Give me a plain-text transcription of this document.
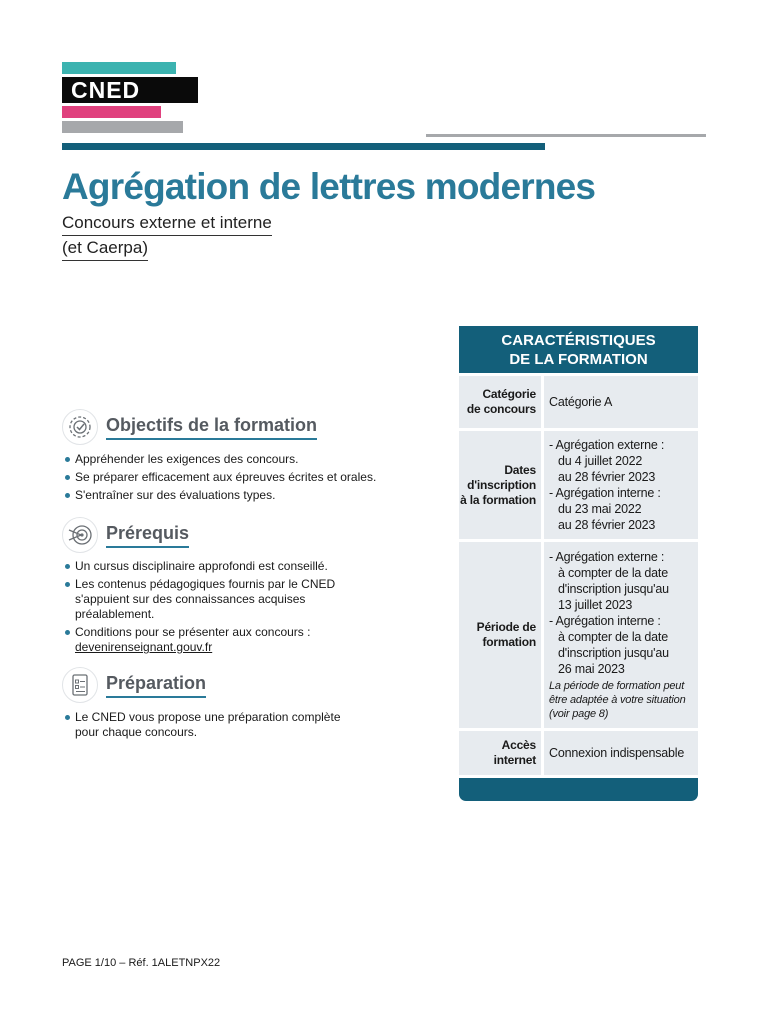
CNED
Agrégation de lettres modernes
Concours externe et interne
(et Caerpa)
Objectifs de la formation
Appréhender les exigences des concours.
Se préparer efficacement aux épreuves écrites et orales.
S'entraîner sur des évaluations types.
Prérequis
Un cursus disciplinaire approfondi est conseillé.
Les contenus pédagogiques fournis par le CNED s'appuient sur des connaissances acquises préalablement.
Conditions pour se présenter aux concours :
devenirenseignant.gouv.fr
Préparation
Le CNED vous propose une préparation complète pour chaque concours.
CARACTÉRISTIQUES
DE LA FORMATION
Catégorie
de concours Catégorie A
Dates
d'inscription
à la formation
- Agrégation externe :
du 4 juillet 2022
au 28 février 2023
- Agrégation interne :
du 23 mai 2022
au 28 février 2023
Période de
formation
- Agrégation externe :
à compter de la date
d'inscription jusqu'au
13 juillet 2023
- Agrégation interne :
à compter de la date
d'inscription jusqu'au
26 mai 2023
La période de formation peut être adaptée à votre situation (voir page 8)
Accès
internet Connexion indispensable
PAGE 1/10 – Réf. 1ALETNPX22
